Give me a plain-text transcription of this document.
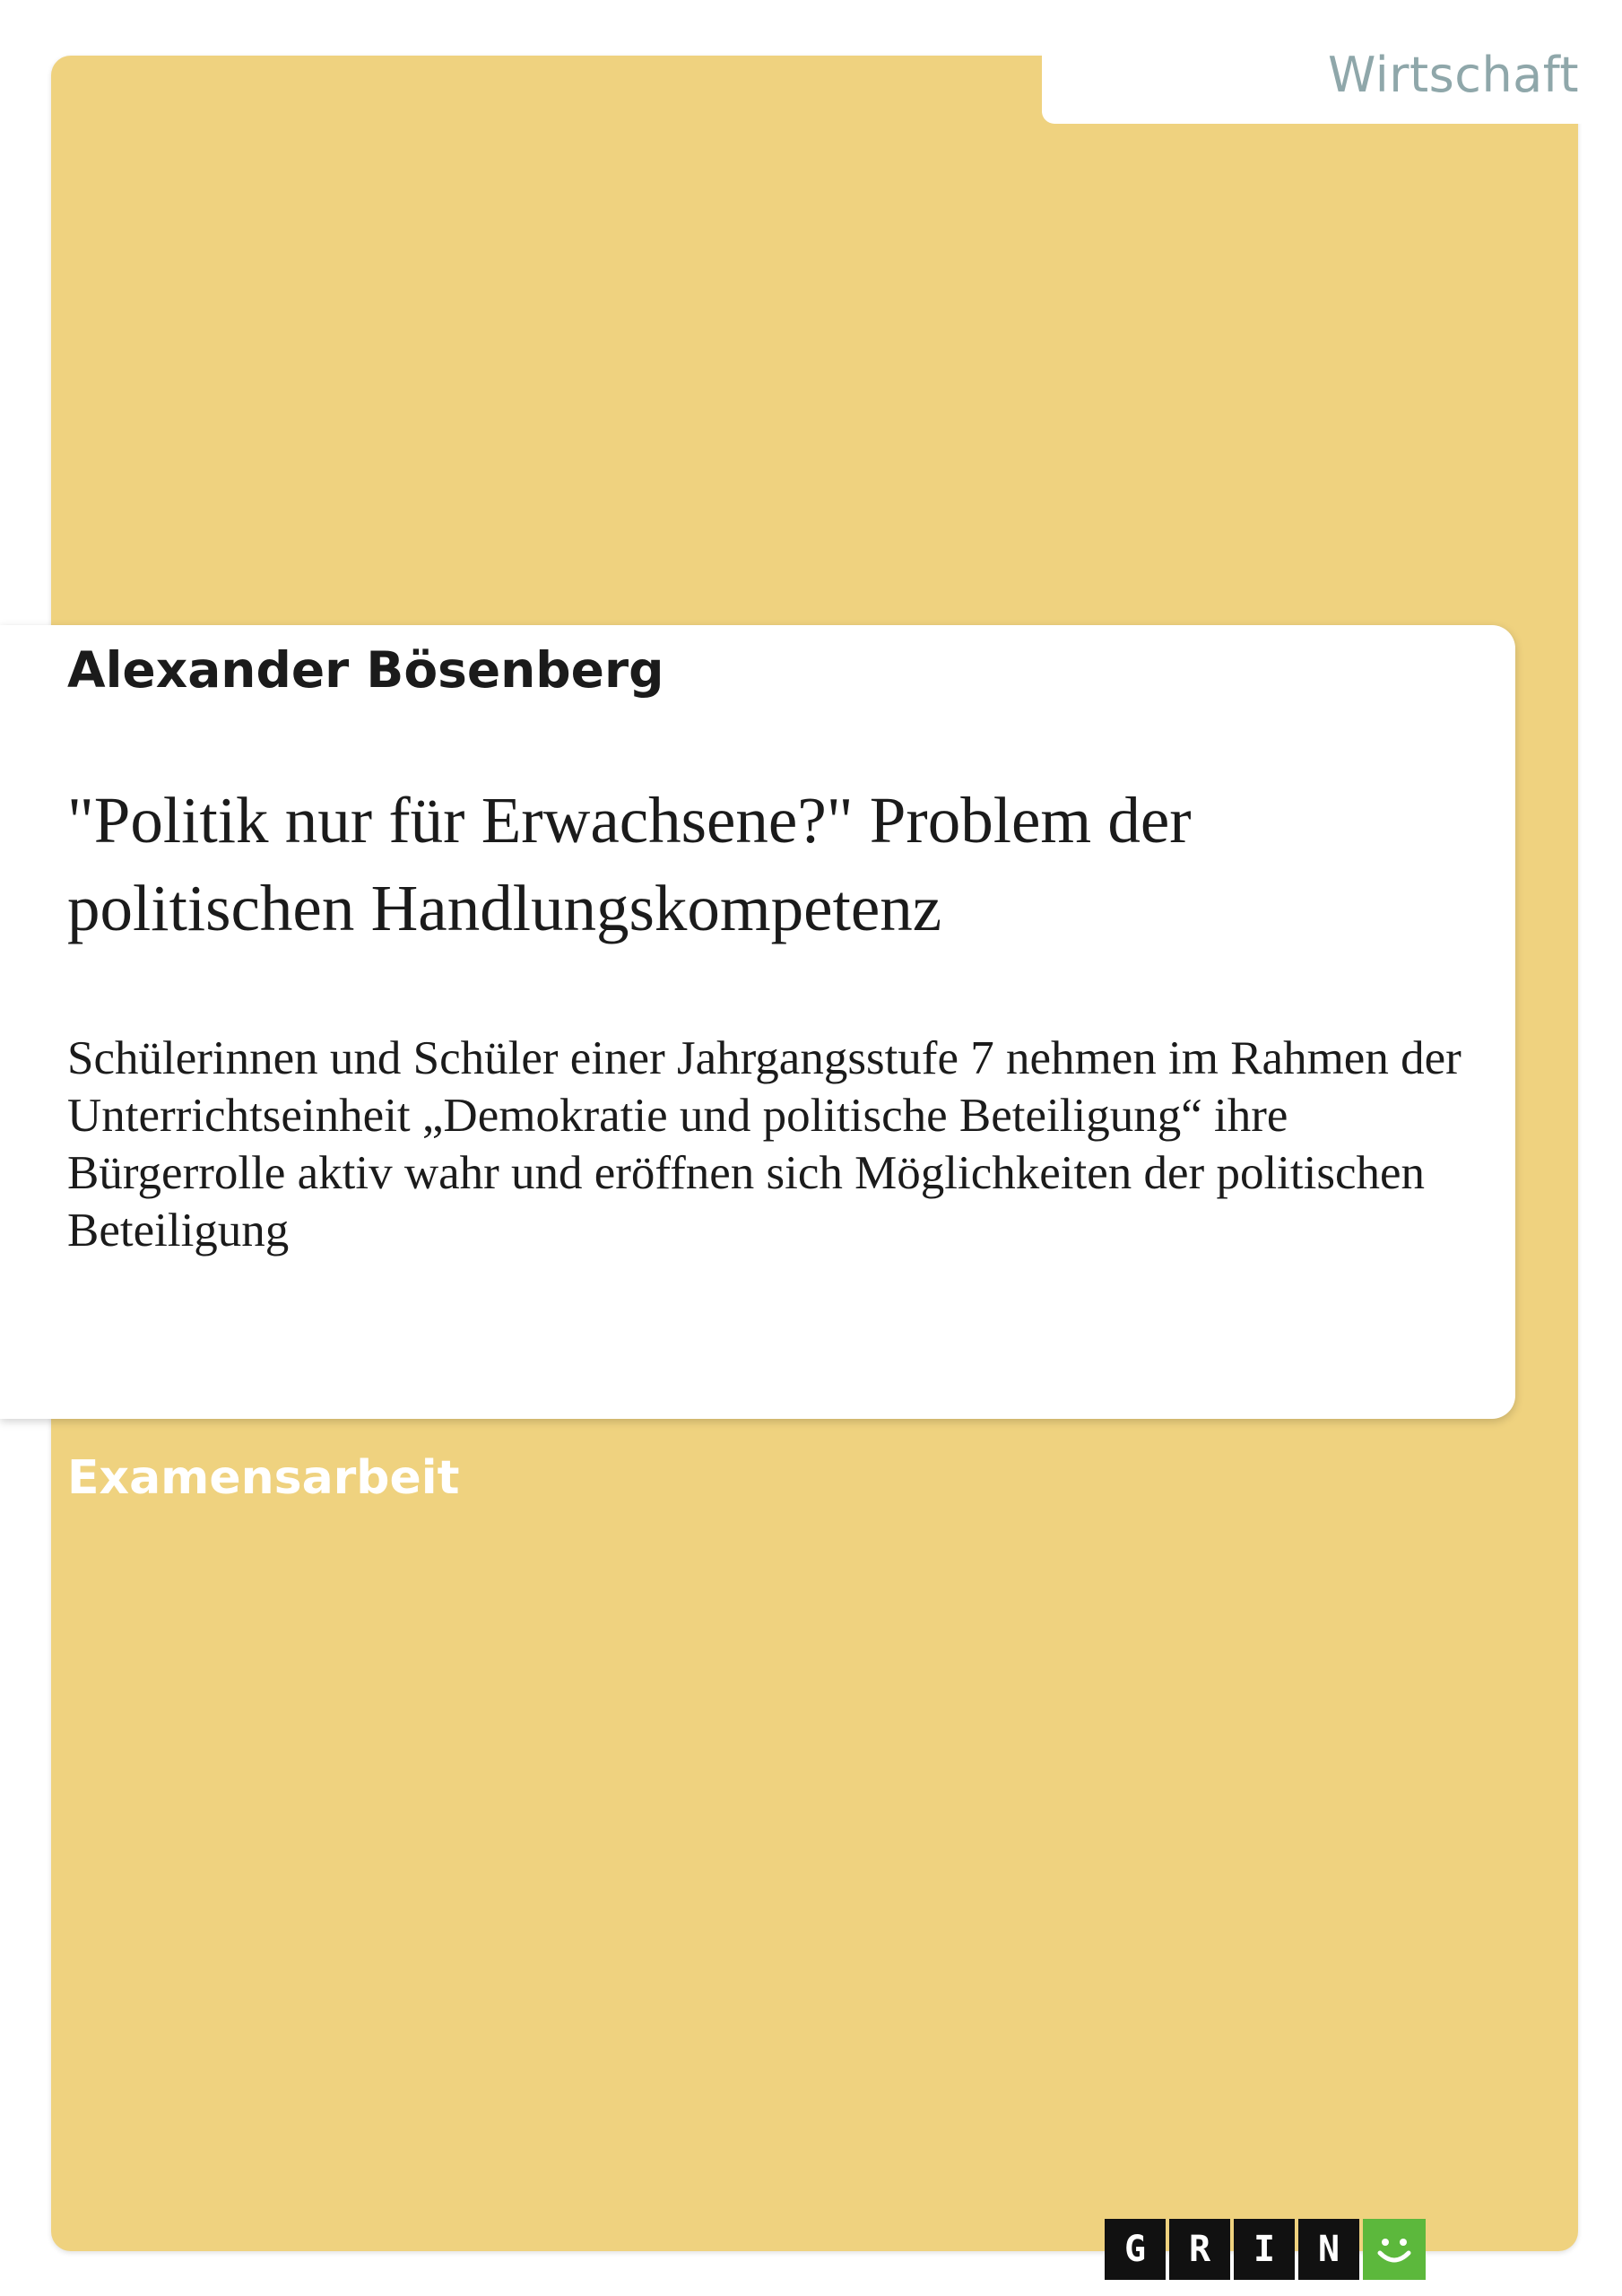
Wirtschaft
Alexander Bösenberg
"Politik nur für Erwachsene?" Problem der politischen Handlungskompetenz
Schülerinnen und Schüler einer Jahrgangsstufe 7 nehmen im Rahmen der Unterrichtseinheit „Demokratie und politische Beteiligung“ ihre Bürgerrolle aktiv wahr und eröffnen sich Möglichkeiten der politischen Beteiligung
Examensarbeit
G	R	I	N
